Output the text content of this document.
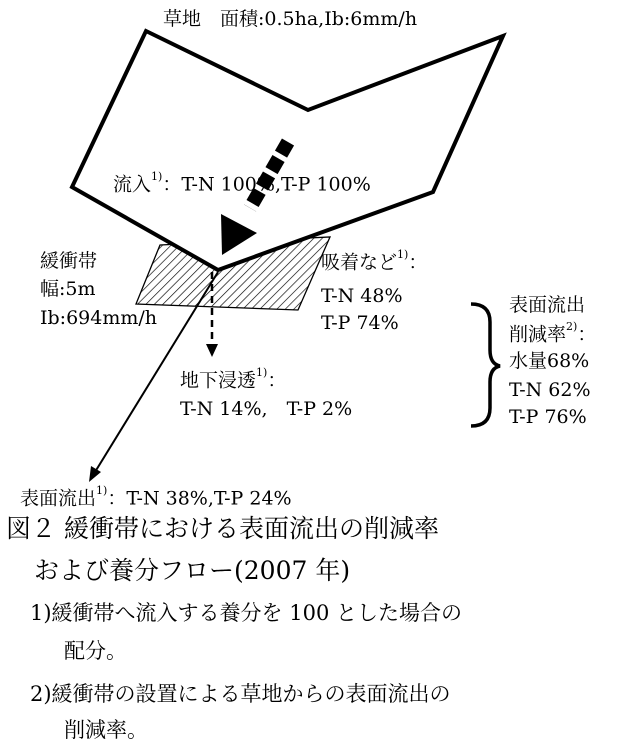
草地　面積:0.5ha,Ib:6mm/h
流入$^{1)}$：T-N 100%,T-P 100%
緩衝帯
幅:5m
Ib:694mm/h
吸着など$^{1)}$：
T-N 48%
T-P 74%
表面流出
削減率$^{2)}$：
水量68%
T-N 62%
T-P 76%
地下浸透$^{1)}$：
T-N 14%,　T-P 2%
表面流出$^{1)}$：T-N 38%,T-P 24%
図２ 緩衝帯における表面流出の削減率
および養分フロー(2007 年)
1)緩衝帯へ流入する養分を 100 とした場合の
配分。
2)緩衝帯の設置による草地からの表面流出の
削減率。
